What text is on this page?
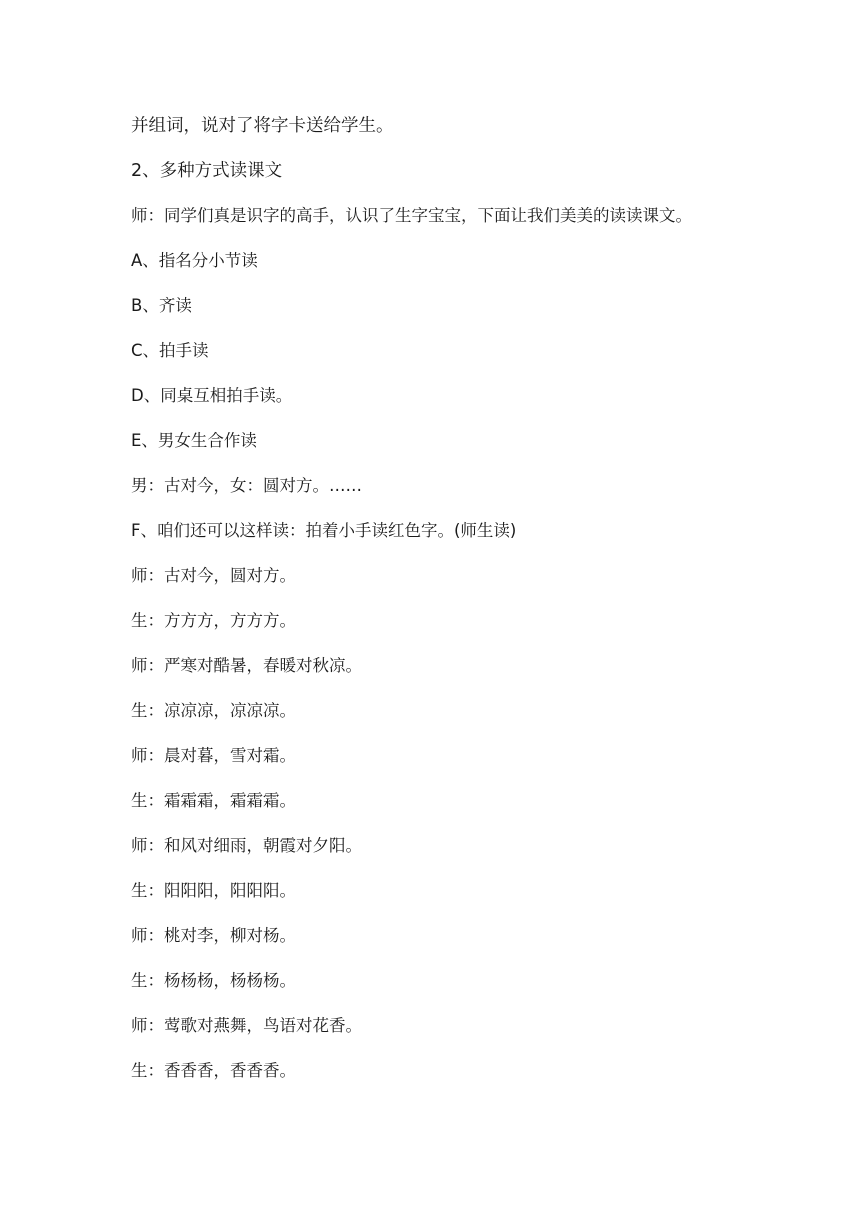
并组词，说对了将字卡送给学生。

2、多种方式读课文

师：同学们真是识字的高手，认识了生字宝宝，下面让我们美美的读读课文。

A、指名分小节读

B、齐读

C、拍手读

D、同桌互相拍手读。

E、男女生合作读

男：古对今，女：圆对方。……

F、咱们还可以这样读：拍着小手读红色字。(师生读)

师：古对今，圆对方。

生：方方方，方方方。

师：严寒对酷暑，春暖对秋凉。

生：凉凉凉，凉凉凉。

师：晨对暮，雪对霜。

生：霜霜霜，霜霜霜。

师：和风对细雨，朝霞对夕阳。

生：阳阳阳，阳阳阳。

师：桃对李，柳对杨。

生：杨杨杨，杨杨杨。

师：莺歌对燕舞，鸟语对花香。

生：香香香，香香香。
